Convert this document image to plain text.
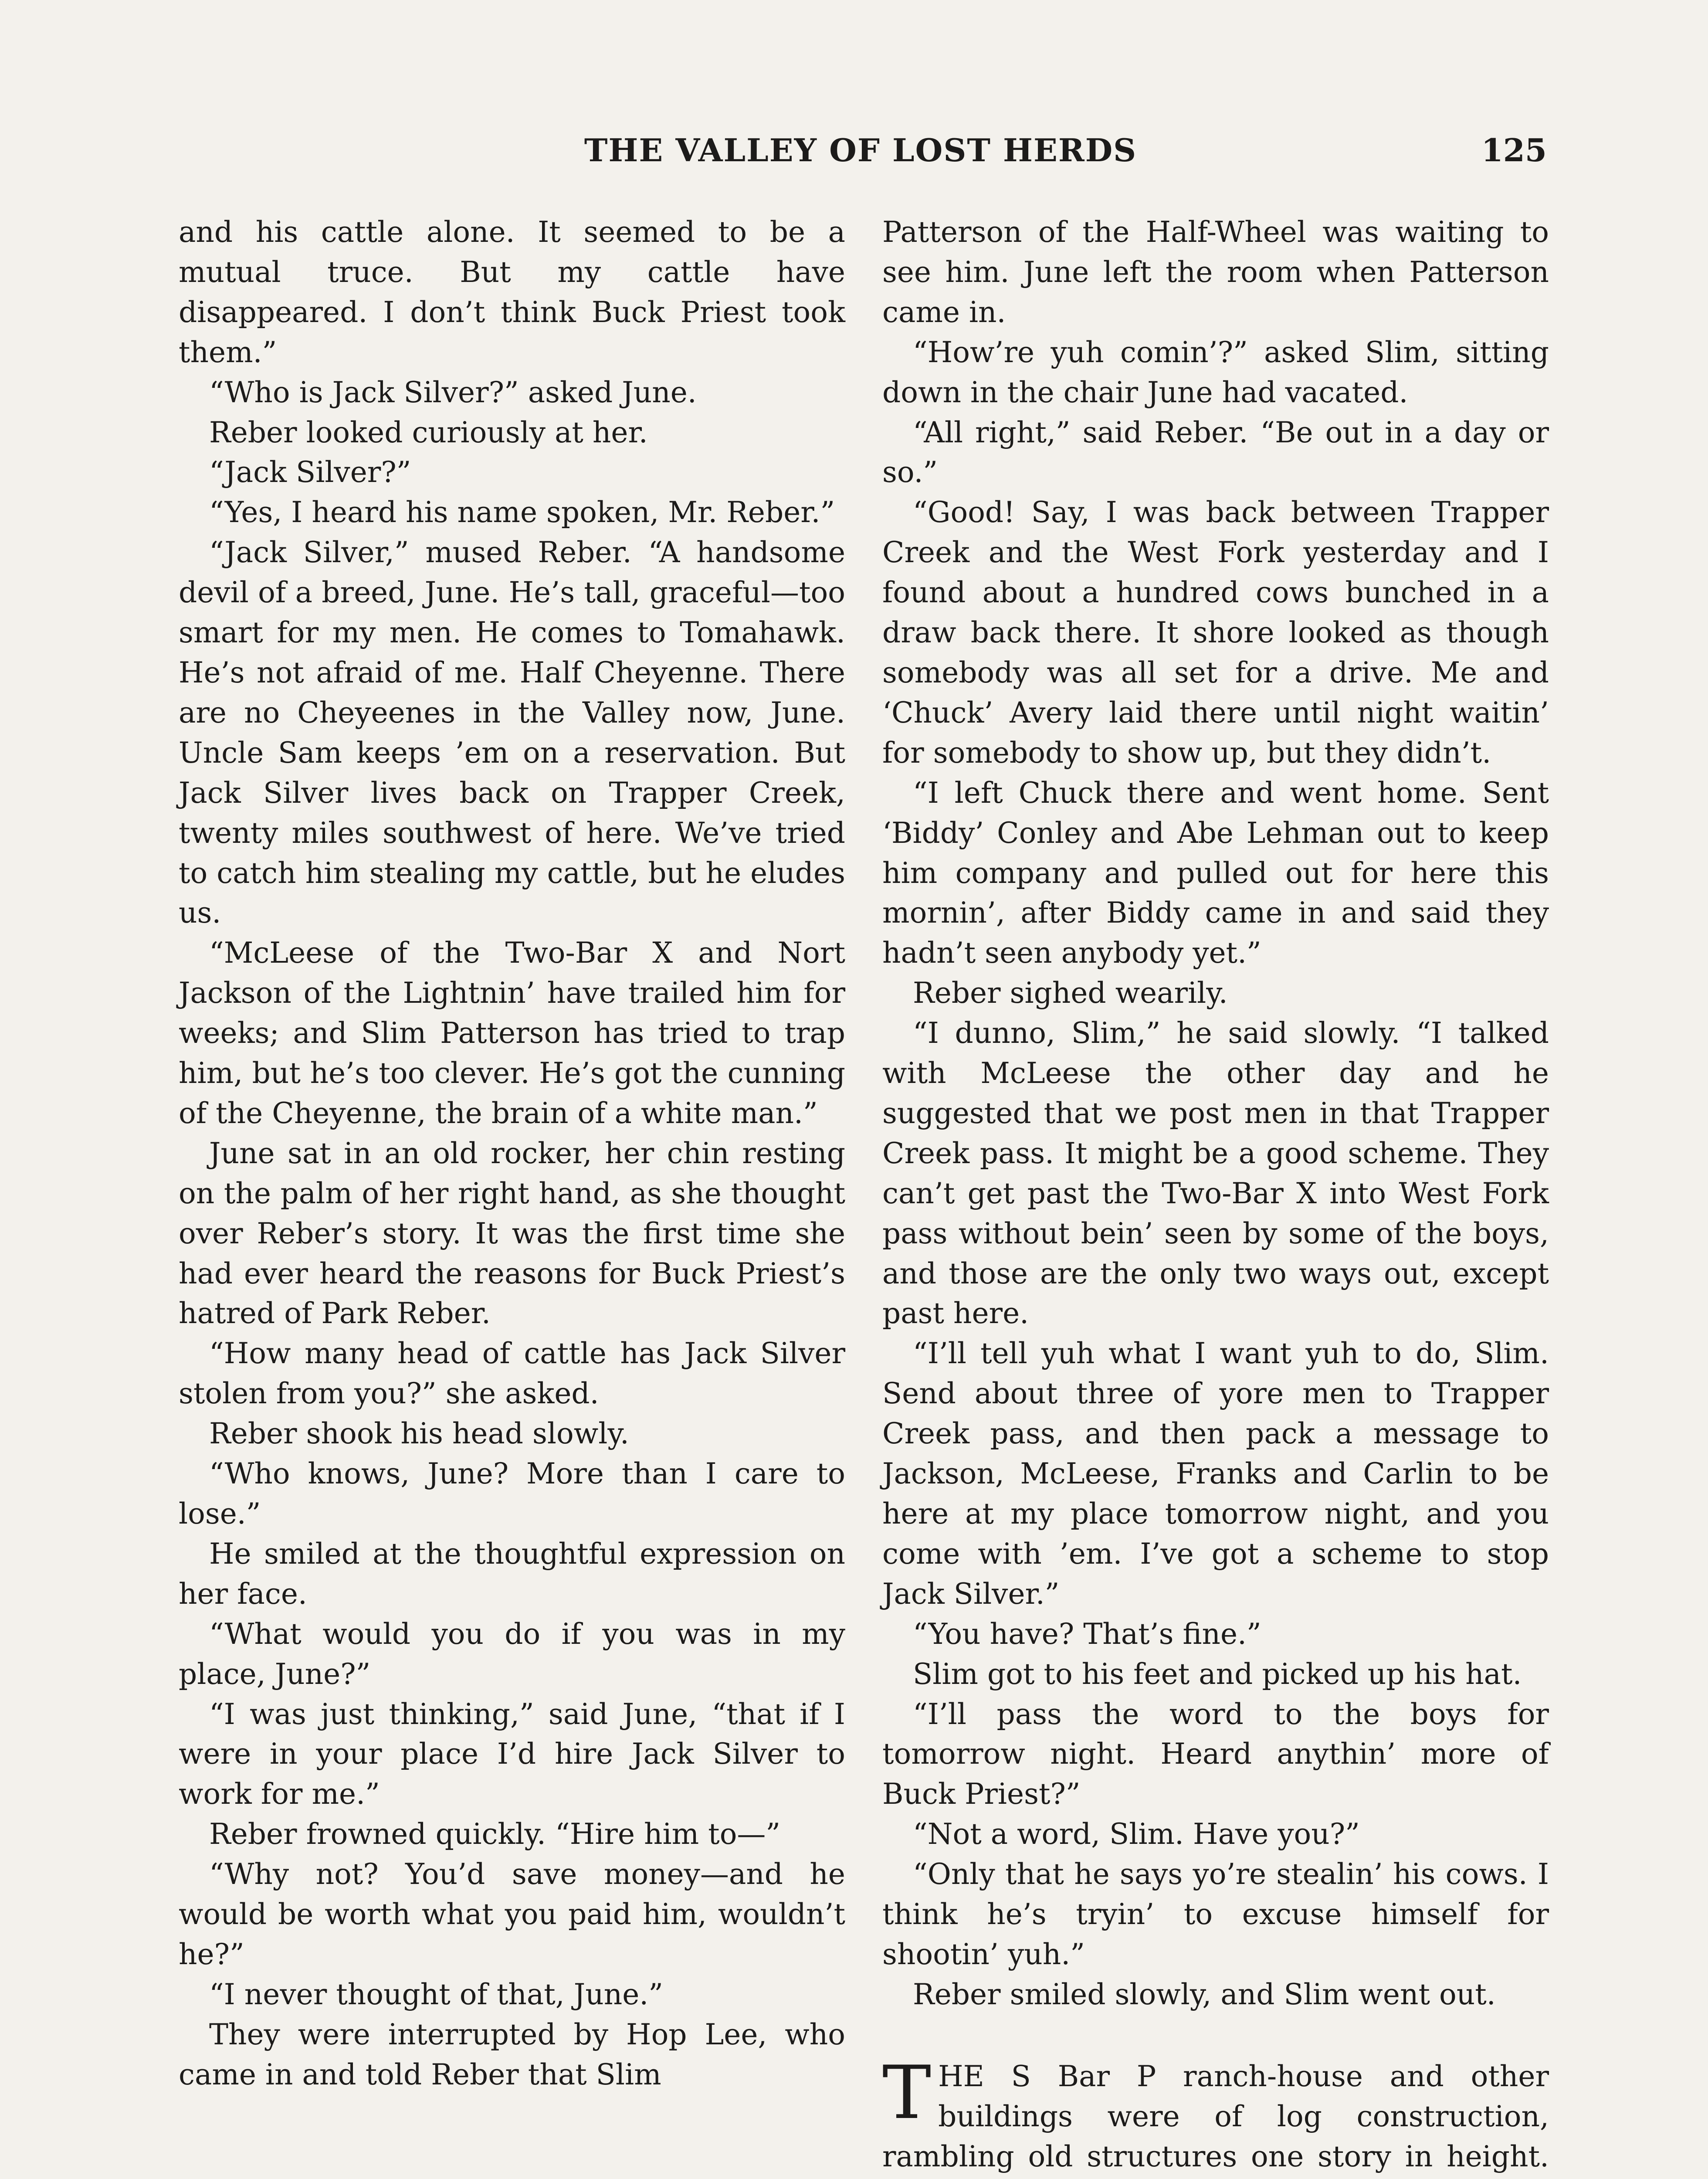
THE VALLEY OF LOST HERDS	125

and his cattle alone. It seemed to be a mutual truce. But my cattle have disappeared. I don’t think Buck Priest took them.”

“Who is Jack Silver?” asked June.

Reber looked curiously at her.

“Jack Silver?”

“Yes, I heard his name spoken, Mr. Reber.”

“Jack Silver,” mused Reber. “A handsome devil of a breed, June. He’s tall, graceful—too smart for my men. He comes to Tomahawk. He’s not afraid of me. Half Cheyenne. There are no Cheyeenes in the Valley now, June. Uncle Sam keeps ’em on a reservation. But Jack Silver lives back on Trapper Creek, twenty miles southwest of here. We’ve tried to catch him stealing my cattle, but he eludes us.

“McLeese of the Two-Bar X and Nort Jackson of the Lightnin’ have trailed him for weeks; and Slim Patterson has tried to trap him, but he’s too clever. He’s got the cunning of the Cheyenne, the brain of a white man.”

June sat in an old rocker, her chin resting on the palm of her right hand, as she thought over Reber’s story. It was the first time she had ever heard the reasons for Buck Priest’s hatred of Park Reber.

“How many head of cattle has Jack Silver stolen from you?” she asked.

Reber shook his head slowly.

“Who knows, June? More than I care to lose.”

He smiled at the thoughtful expression on her face.

“What would you do if you was in my place, June?”

“I was just thinking,” said June, “that if I were in your place I’d hire Jack Silver to work for me.”

Reber frowned quickly. “Hire him to—”

“Why not? You’d save money—and he would be worth what you paid him, wouldn’t he?”

“I never thought of that, June.”

They were interrupted by Hop Lee, who came in and told Reber that Slim

Patterson of the Half-Wheel was waiting to see him. June left the room when Patterson came in.

“How’re yuh comin’?” asked Slim, sitting down in the chair June had vacated.

“All right,” said Reber. “Be out in a day or so.”

“Good! Say, I was back between Trapper Creek and the West Fork yesterday and I found about a hundred cows bunched in a draw back there. It shore looked as though somebody was all set for a drive. Me and ‘Chuck’ Avery laid there until night waitin’ for somebody to show up, but they didn’t.

“I left Chuck there and went home. Sent ‘Biddy’ Conley and Abe Lehman out to keep him company and pulled out for here this mornin’, after Biddy came in and said they hadn’t seen anybody yet.”

Reber sighed wearily.

“I dunno, Slim,” he said slowly. “I talked with McLeese the other day and he suggested that we post men in that Trapper Creek pass. It might be a good scheme. They can’t get past the Two-Bar X into West Fork pass without bein’ seen by some of the boys, and those are the only two ways out, except past here.

“I’ll tell yuh what I want yuh to do, Slim. Send about three of yore men to Trapper Creek pass, and then pack a message to Jackson, McLeese, Franks and Carlin to be here at my place tomorrow night, and you come with ’em. I’ve got a scheme to stop Jack Silver.”

“You have? That’s fine.”

Slim got to his feet and picked up his hat.

“I’ll pass the word to the boys for tomorrow night. Heard anythin’ more of Buck Priest?”

“Not a word, Slim. Have you?”

“Only that he says yo’re stealin’ his cows. I think he’s tryin’ to excuse himself for shootin’ yuh.”

Reber smiled slowly, and Slim went out.

THE S Bar P ranch-house and other buildings were of log construction, rambling old structures one story in height.
